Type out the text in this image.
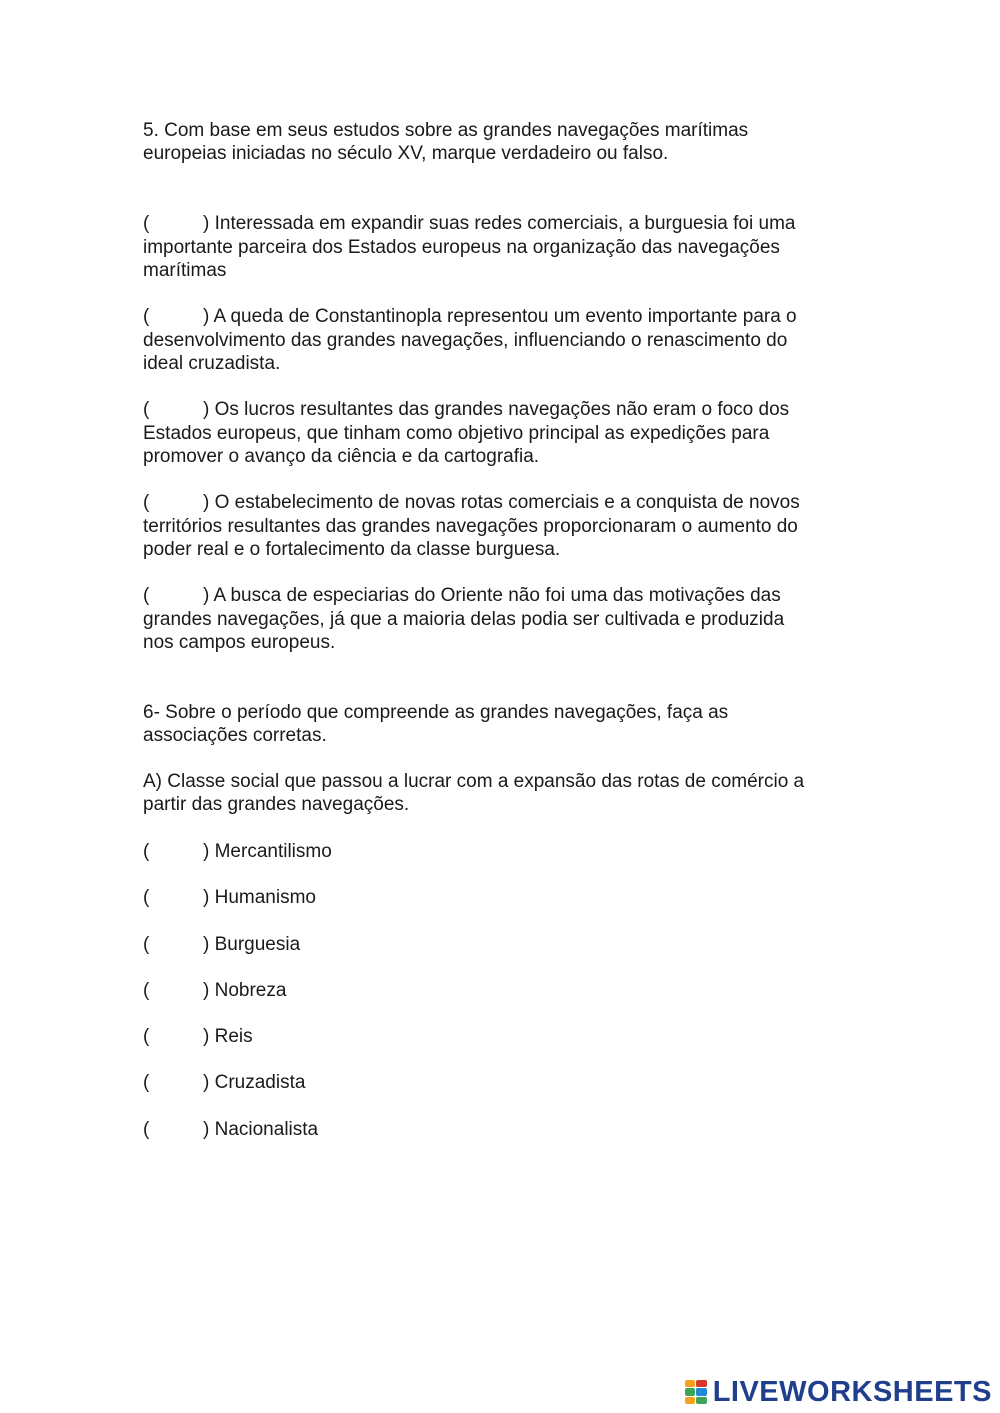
5. Com base em seus estudos sobre as grandes navegações marítimas
europeias iniciadas no século XV, marque verdadeiro ou falso.

(	) Interessada em expandir suas redes comerciais, a burguesia foi uma
importante parceira dos Estados europeus na organização das navegações
marítimas

(	) A queda de Constantinopla representou um evento importante para o
desenvolvimento das grandes navegações, influenciando o renascimento do
ideal cruzadista.

(	) Os lucros resultantes das grandes navegações não eram o foco dos
Estados europeus, que tinham como objetivo principal as expedições para
promover o avanço da ciência e da cartografia.

(	) O estabelecimento de novas rotas comerciais e a conquista de novos
territórios resultantes das grandes navegações proporcionaram o aumento do
poder real e o fortalecimento da classe burguesa.

(	) A busca de especiarias do Oriente não foi uma das motivações das
grandes navegações, já que a maioria delas podia ser cultivada e produzida
nos campos europeus.

6- Sobre o período que compreende as grandes navegações, faça as
associações corretas.
A) Classe social que passou a lucrar com a expansão das rotas de comércio a
partir das grandes navegações.
(	) Mercantilismo
(	) Humanismo
(	) Burguesia
(	) Nobreza
(	) Reis
(	) Cruzadista
(	) Nacionalista
LIVEWORKSHEETS
